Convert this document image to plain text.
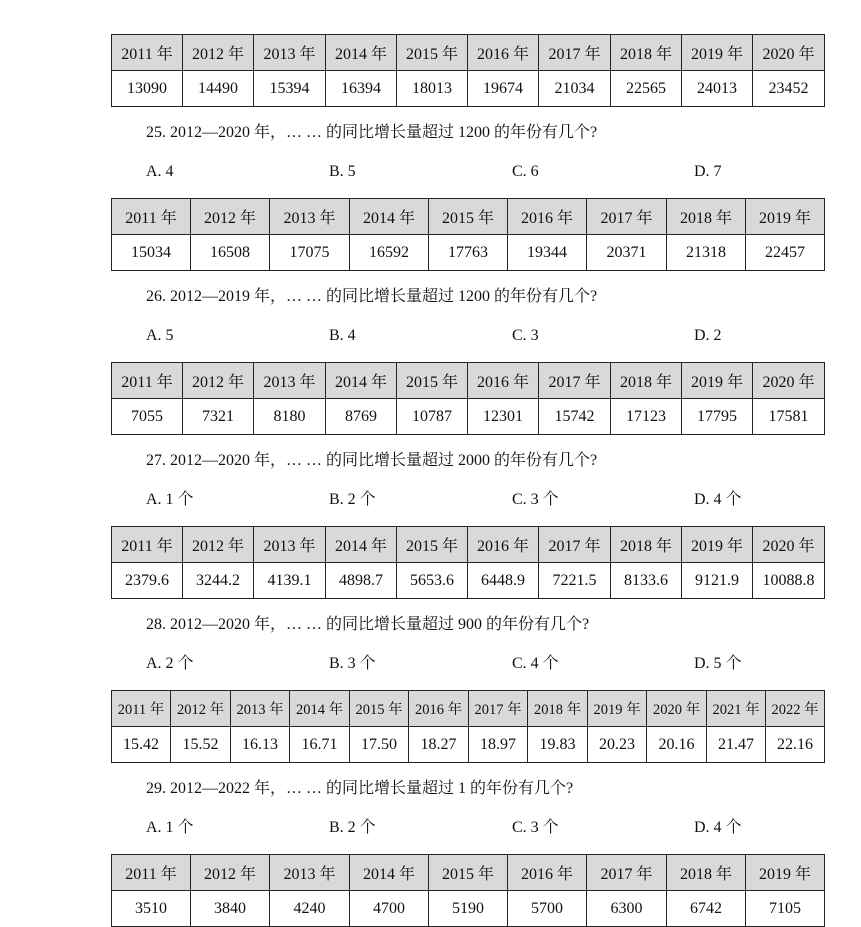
2011 年	2012 年	2013 年	2014 年	2015 年	2016 年	2017 年	2018 年	2019 年	2020 年
13090	14490	15394	16394	18013	19674	21034	22565	24013	23452
25. 2012—2020 年，… … 的同比增长量超过 1200 的年份有几个?
A. 4	B. 5	C. 6	D. 7
2011 年	2012 年	2013 年	2014 年	2015 年	2016 年	2017 年	2018 年	2019 年
15034	16508	17075	16592	17763	19344	20371	21318	22457
26. 2012—2019 年，… … 的同比增长量超过 1200 的年份有几个?
A. 5	B. 4	C. 3	D. 2
2011 年	2012 年	2013 年	2014 年	2015 年	2016 年	2017 年	2018 年	2019 年	2020 年
7055	7321	8180	8769	10787	12301	15742	17123	17795	17581
27. 2012—2020 年，… … 的同比增长量超过 2000 的年份有几个?
A. 1 个	B. 2 个	C. 3 个	D. 4 个
2011 年	2012 年	2013 年	2014 年	2015 年	2016 年	2017 年	2018 年	2019 年	2020 年
2379.6	3244.2	4139.1	4898.7	5653.6	6448.9	7221.5	8133.6	9121.9	10088.8
28. 2012—2020 年，… … 的同比增长量超过 900 的年份有几个?
A. 2 个	B. 3 个	C. 4 个	D. 5 个
2011 年	2012 年	2013 年	2014 年	2015 年	2016 年	2017 年	2018 年	2019 年	2020 年	2021 年	2022 年
15.42	15.52	16.13	16.71	17.50	18.27	18.97	19.83	20.23	20.16	21.47	22.16
29. 2012—2022 年，… … 的同比增长量超过 1 的年份有几个?
A. 1 个	B. 2 个	C. 3 个	D. 4 个
2011 年	2012 年	2013 年	2014 年	2015 年	2016 年	2017 年	2018 年	2019 年
3510	3840	4240	4700	5190	5700	6300	6742	7105
